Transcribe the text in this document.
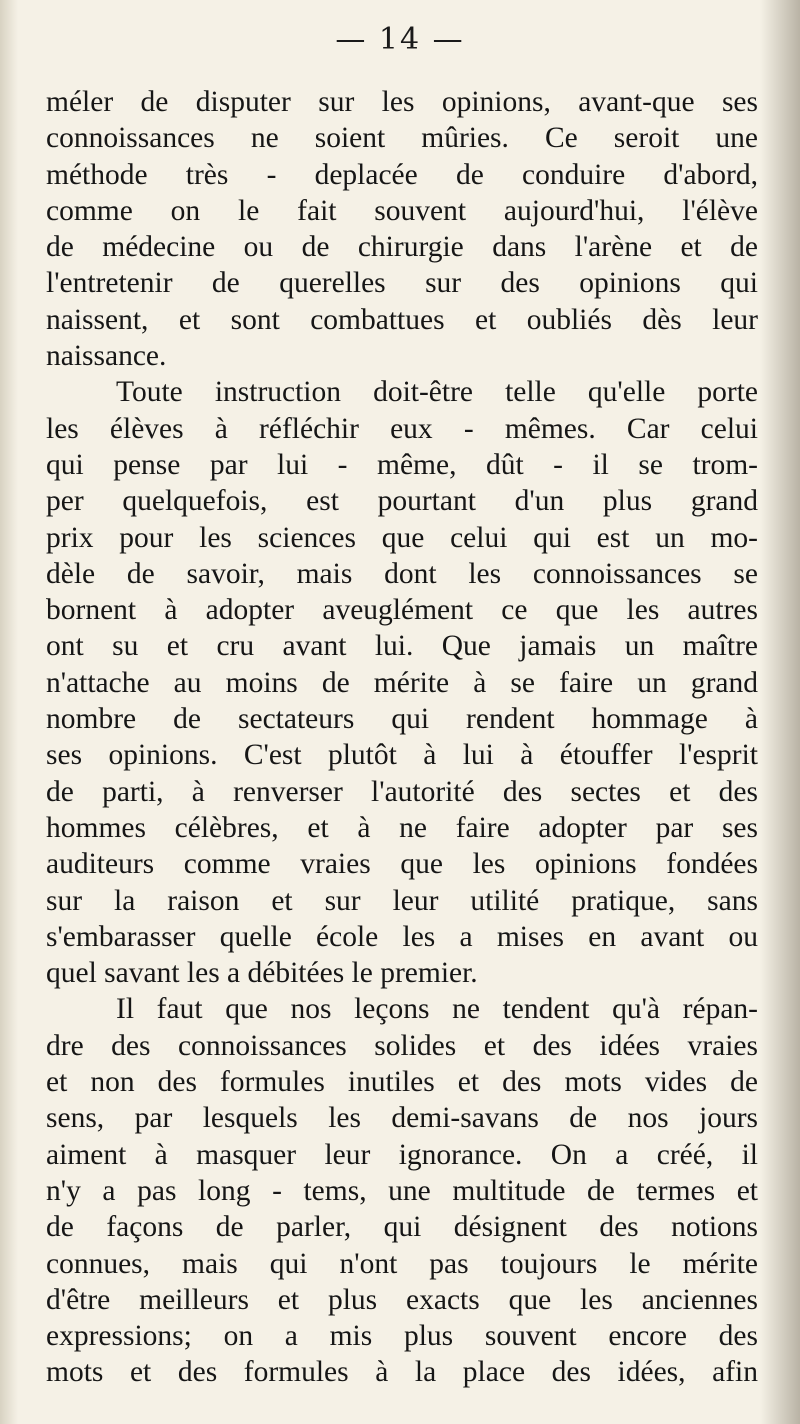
— 14 —
méler de disputer sur les opinions, avant-que ses
connoissances ne soient mûries. Ce seroit une
méthode très - deplacée de conduire d'abord,
comme on le fait souvent aujourd'hui, l'élève
de médecine ou de chirurgie dans l'arène et de
l'entretenir de querelles sur des opinions qui
naissent, et sont combattues et oubliés dès leur
naissance.
Toute instruction doit-être telle qu'elle porte
les élèves à réfléchir eux - mêmes. Car celui
qui pense par lui - même, dût - il se trom-
per quelquefois, est pourtant d'un plus grand
prix pour les sciences que celui qui est un mo-
dèle de savoir, mais dont les connoissances se
bornent à adopter aveuglément ce que les autres
ont su et cru avant lui. Que jamais un maître
n'attache au moins de mérite à se faire un grand
nombre de sectateurs qui rendent hommage à
ses opinions. C'est plutôt à lui à étouffer l'esprit
de parti, à renverser l'autorité des sectes et des
hommes célèbres, et à ne faire adopter par ses
auditeurs comme vraies que les opinions fondées
sur la raison et sur leur utilité pratique, sans
s'embarasser quelle école les a mises en avant ou
quel savant les a débitées le premier.
Il faut que nos leçons ne tendent qu'à répan-
dre des connoissances solides et des idées vraies
et non des formules inutiles et des mots vides de
sens, par lesquels les demi-savans de nos jours
aiment à masquer leur ignorance. On a créé, il
n'y a pas long - tems, une multitude de termes et
de façons de parler, qui désignent des notions
connues, mais qui n'ont pas toujours le mérite
d'être meilleurs et plus exacts que les anciennes
expressions; on a mis plus souvent encore des
mots et des formules à la place des idées, afin
